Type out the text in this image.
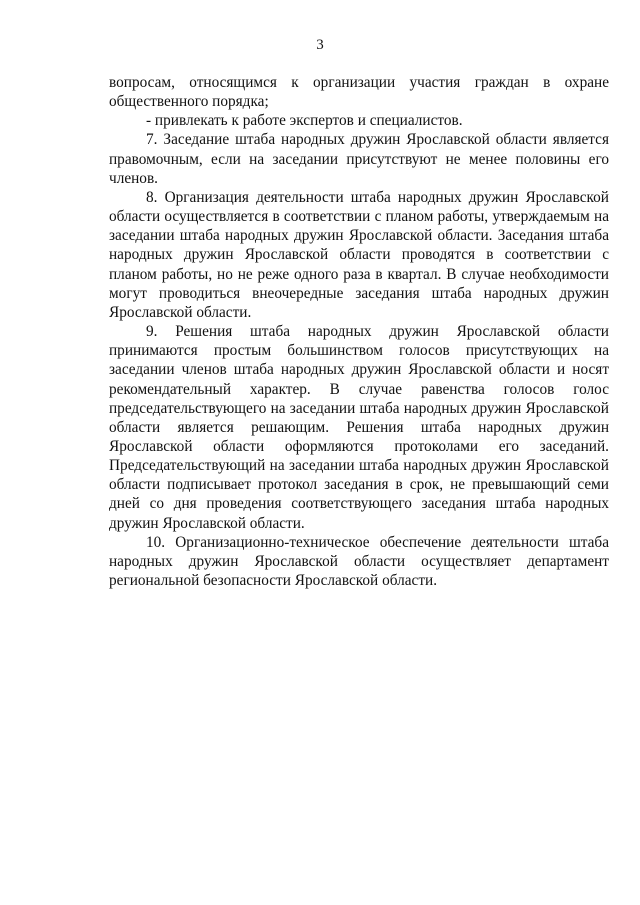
3

вопросам, относящимся к организации участия граждан в охране общественного порядка;

- привлекать к работе экспертов и специалистов.

7. Заседание штаба народных дружин Ярославской области является правомочным, если на заседании присутствуют не менее половины его членов.

8. Организация деятельности штаба народных дружин Ярославской области осуществляется в соответствии с планом работы, утверждаемым на заседании штаба народных дружин Ярославской области. Заседания штаба народных дружин Ярославской области проводятся в соответствии с планом работы, но не реже одного раза в квартал. В случае необходимости могут проводиться внеочередные заседания штаба народных дружин Ярославской области.

9. Решения штаба народных дружин Ярославской области принимаются простым большинством голосов присутствующих на заседании членов штаба народных дружин Ярославской области и носят рекомендательный характер. В случае равенства голосов голос председательствующего на заседании штаба народных дружин Ярославской области является решающим. Решения штаба народных дружин Ярославской области оформляются протоколами его заседаний. Председательствующий на заседании штаба народных дружин Ярославской области подписывает протокол заседания в срок, не превышающий семи дней со дня проведения соответствующего заседания штаба народных дружин Ярославской области.

10. Организационно-техническое обеспечение деятельности штаба народных дружин Ярославской области осуществляет департамент региональной безопасности Ярославской области.
